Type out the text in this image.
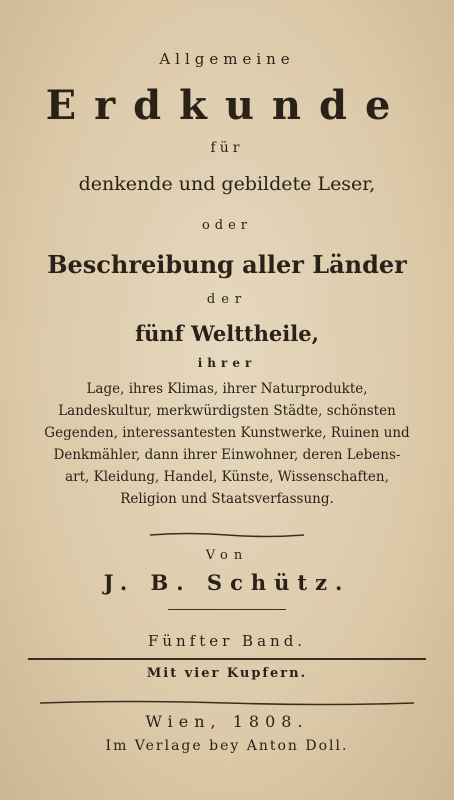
Allgemeine
Erdkunde
für
denkende und gebildete Leser,
oder
Beschreibung aller Länder
der
fünf Welttheile,
ihrer
Lage, ihres Klimas, ihrer Naturprodukte,
Landeskultur, merkwürdigsten Städte, schönsten
Gegenden, interessantesten Kunstwerke, Ruinen und
Denkmähler, dann ihrer Einwohner, deren Lebens-
art, Kleidung, Handel, Künste, Wissenschaften,
Religion und Staatsverfassung.
Von
J. B. Schütz.
Fünfter Band.
Mit vier Kupfern.
Wien, 1808.
Im Verlage bey Anton Doll.
